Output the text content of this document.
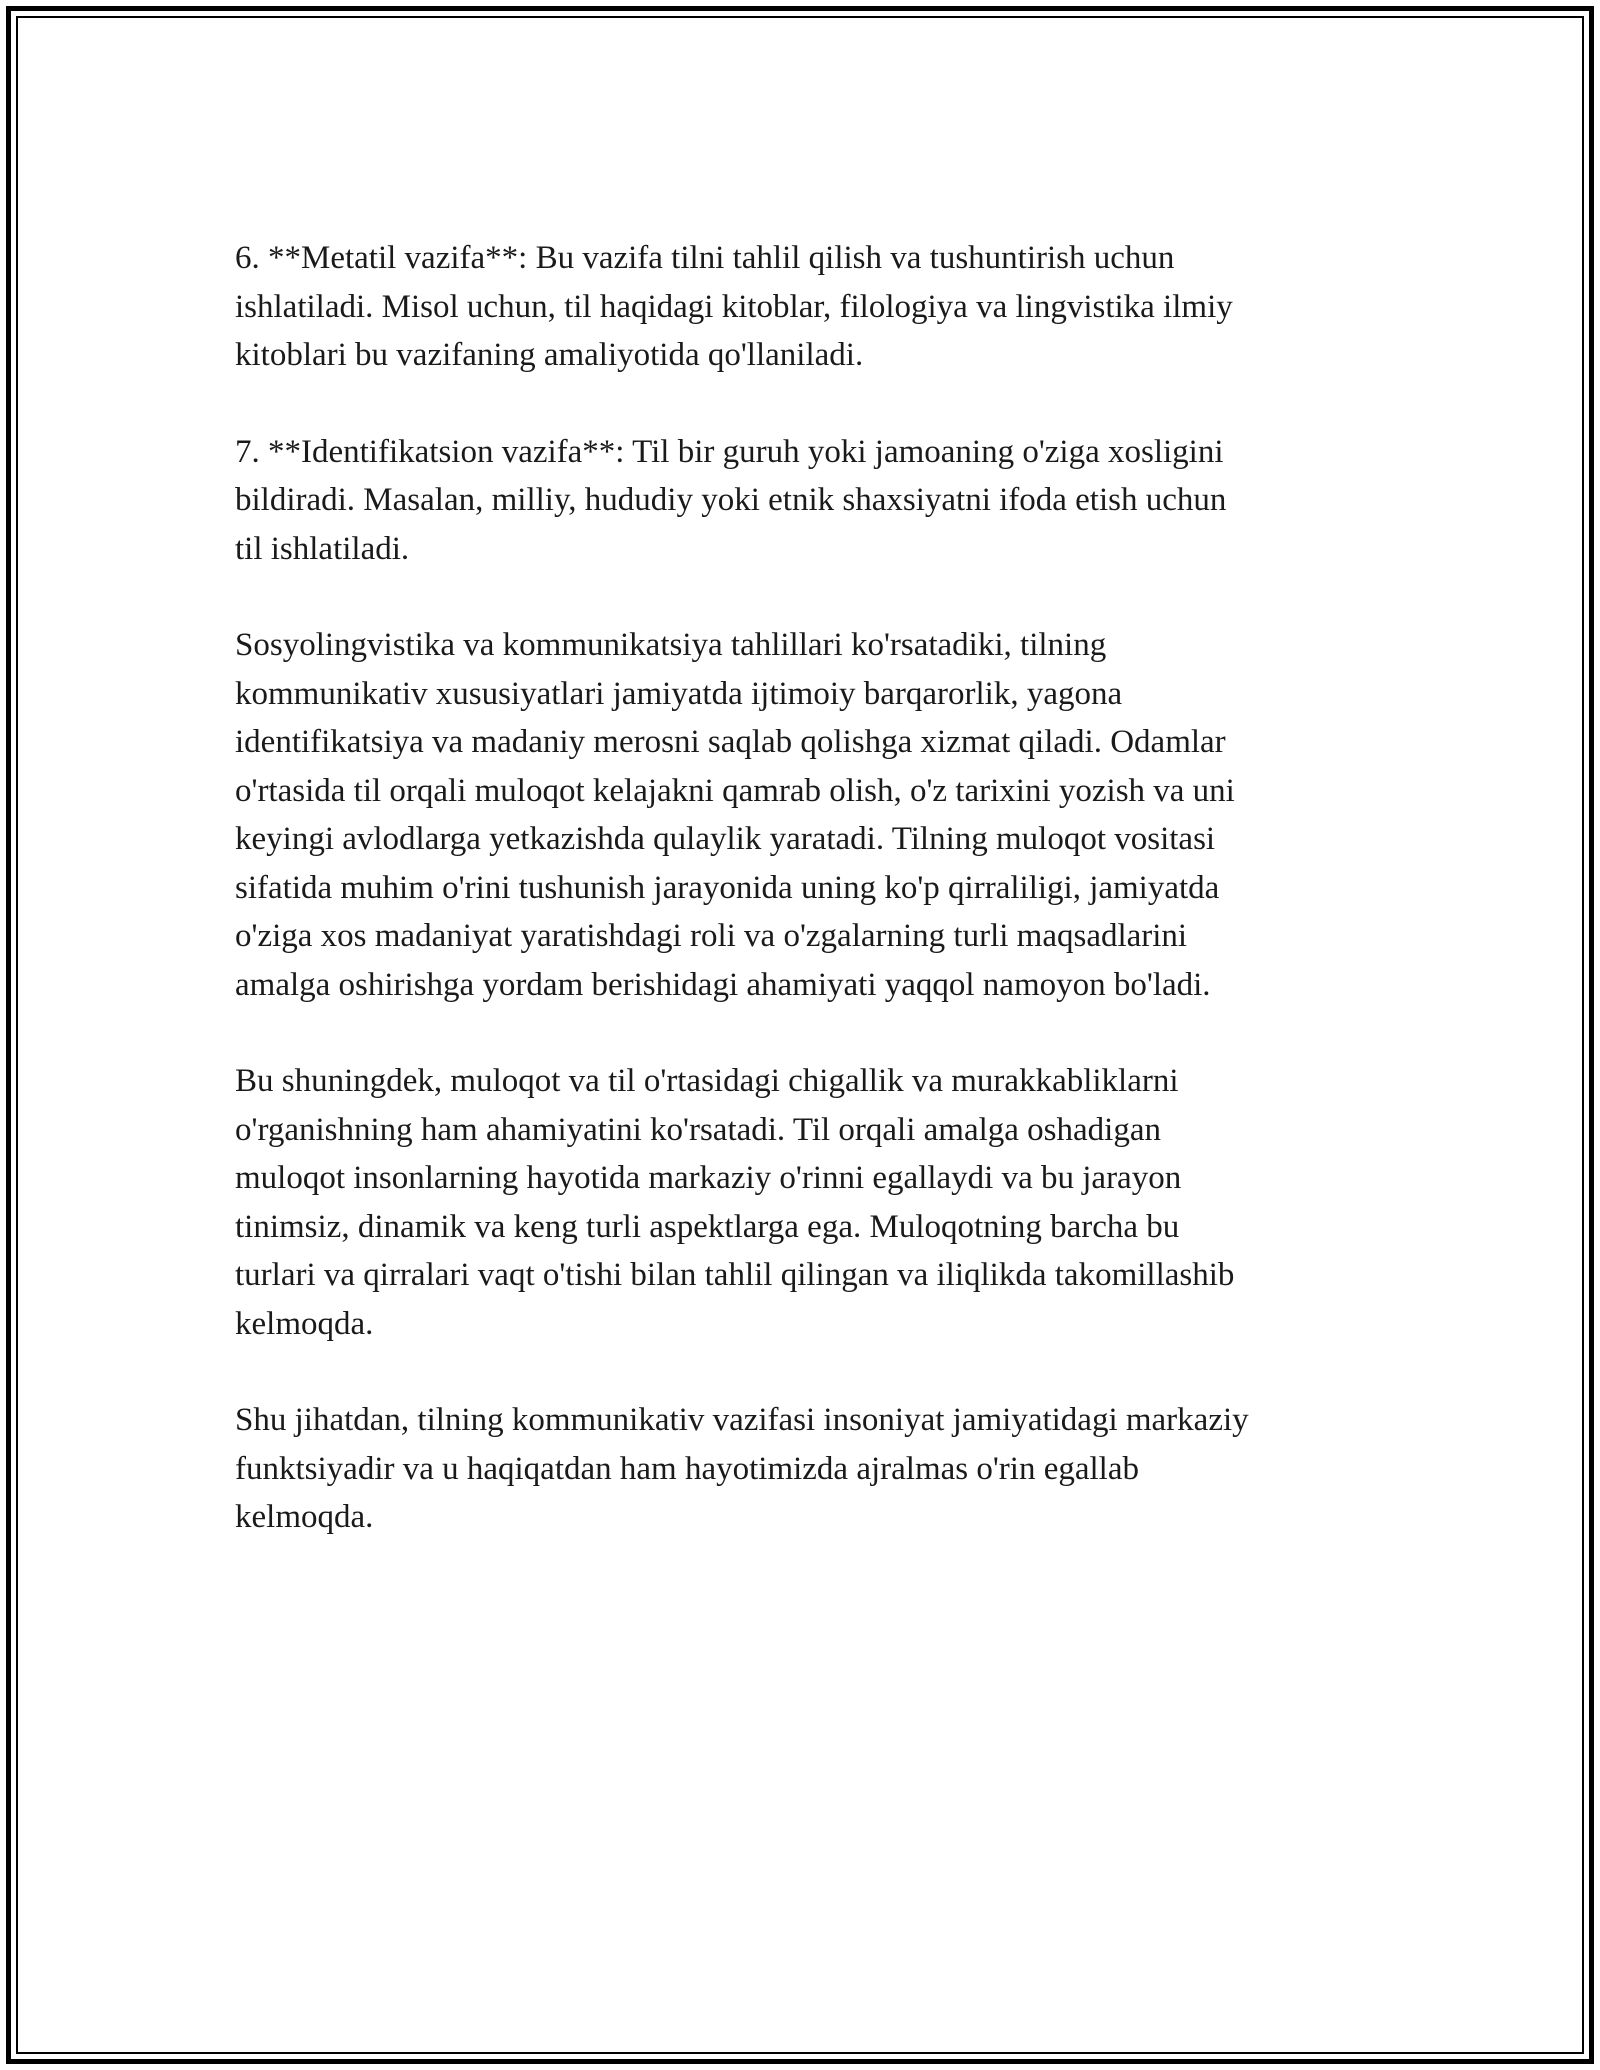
6. **Metatil vazifa**: Bu vazifa tilni tahlil qilish va tushuntirish uchun
ishlatiladi. Misol uchun, til haqidagi kitoblar, filologiya va lingvistika ilmiy
kitoblari bu vazifaning amaliyotida qo'llaniladi.

7. **Identifikatsion vazifa**: Til bir guruh yoki jamoaning o'ziga xosligini
bildiradi. Masalan, milliy, hududiy yoki etnik shaxsiyatni ifoda etish uchun
til ishlatiladi.

Sosyolingvistika va kommunikatsiya tahlillari ko'rsatadiki, tilning
kommunikativ xususiyatlari jamiyatda ijtimoiy barqarorlik, yagona
identifikatsiya va madaniy merosni saqlab qolishga xizmat qiladi. Odamlar
o'rtasida til orqali muloqot kelajakni qamrab olish, o'z tarixini yozish va uni
keyingi avlodlarga yetkazishda qulaylik yaratadi. Tilning muloqot vositasi
sifatida muhim o'rini tushunish jarayonida uning ko'p qirraliligi, jamiyatda
o'ziga xos madaniyat yaratishdagi roli va o'zgalarning turli maqsadlarini
amalga oshirishga yordam berishidagi ahamiyati yaqqol namoyon bo'ladi.

Bu shuningdek, muloqot va til o'rtasidagi chigallik va murakkabliklarni
o'rganishning ham ahamiyatini ko'rsatadi. Til orqali amalga oshadigan
muloqot insonlarning hayotida markaziy o'rinni egallaydi va bu jarayon
tinimsiz, dinamik va keng turli aspektlarga ega. Muloqotning barcha bu
turlari va qirralari vaqt o'tishi bilan tahlil qilingan va iliqlikda takomillashib
kelmoqda.

Shu jihatdan, tilning kommunikativ vazifasi insoniyat jamiyatidagi markaziy
funktsiyadir va u haqiqatdan ham hayotimizda ajralmas o'rin egallab
kelmoqda.
